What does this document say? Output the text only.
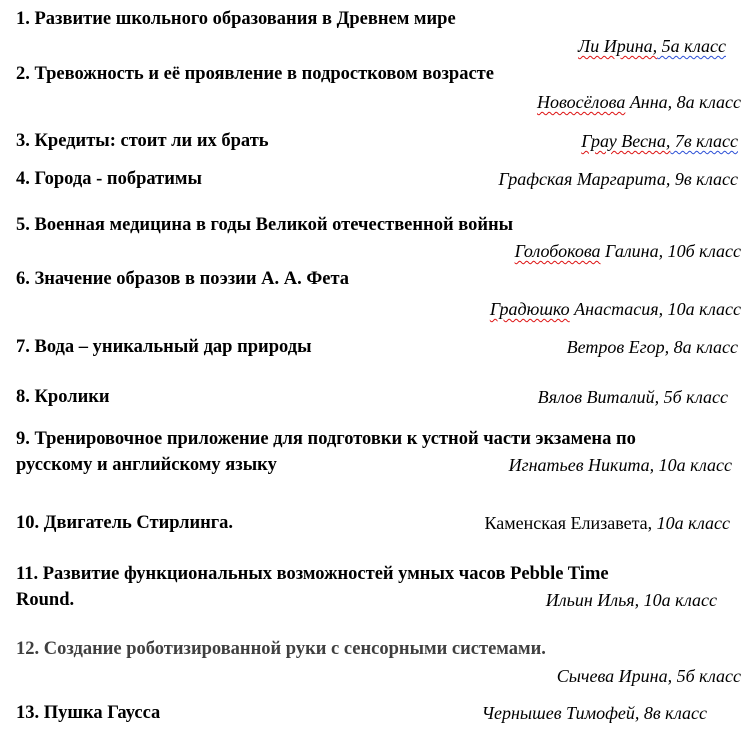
1. Развитие школьного образования в Древнем мире
Ли Ирина, 5а класс
2. Тревожность и её проявление в подростковом возрасте
Новосёлова Анна, 8а класс
3. Кредиты: стоит ли их брать	Грау Весна, 7в класс
4. Города - побратимы	Графская Маргарита, 9в класс
5. Военная медицина в годы Великой отечественной войны
Голобокова Галина, 10б класс
6. Значение образов в поэзии А. А. Фета
Градюшко Анастасия, 10а класс
7. Вода – уникальный дар природы	Ветров Егор, 8а класс
8. Кролики	Вялов Виталий, 5б класс
9. Тренировочное приложение для подготовки к устной части экзамена по
русскому и английскому языку	Игнатьев Никита, 10а класс
10. Двигатель Стирлинга.	Каменская Елизавета, 10а класс
11. Развитие функциональных возможностей умных часов Pebble Time
Round.	Ильин Илья, 10а класс
12. Создание роботизированной руки с сенсорными системами.
Сычева Ирина, 5б класс
13. Пушка Гаусса	Чернышев Тимофей, 8в класс
